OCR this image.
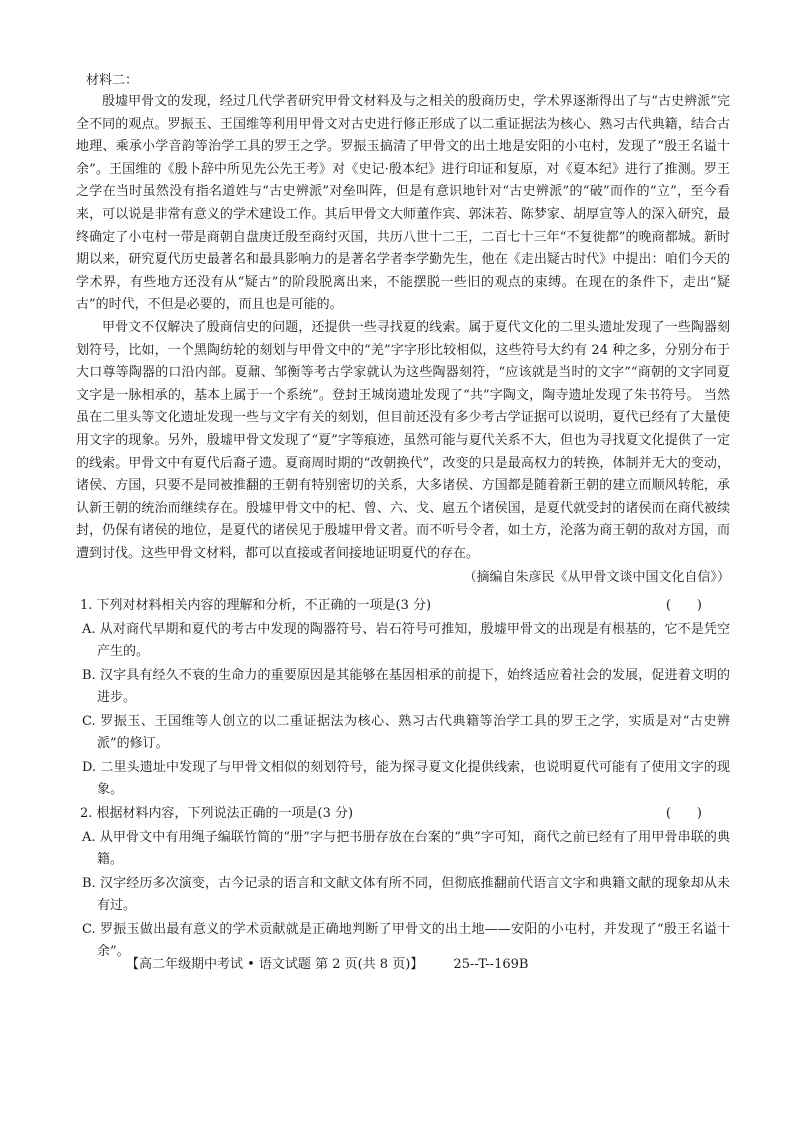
材料二：

殷墟甲骨文的发现，经过几代学者研究甲骨文材料及与之相关的殷商历史，学术界逐渐得出了与“古史辨派”完全不同的观点。罗振玉、王国维等利用甲骨文对古史进行修正形成了以二重证据法为核心、熟习古代典籍，结合古地理、乘承小学音韵等治学工具的罗王之学。罗振玉搞清了甲骨文的出土地是安阳的小屯村，发现了“殷王名谥十余”。王国维的《殷卜辞中所见先公先王考》对《史记·殷本纪》进行印证和复原，对《夏本纪》进行了推测。罗王之学在当时虽然没有指名道姓与“古史辨派”对垒叫阵，但是有意识地针对“古史辨派”的“破”而作的“立”，至今看来，可以说是非常有意义的学术建设工作。其后甲骨文大师董作宾、郭沫若、陈梦家、胡厚宣等人的深入研究，最终确定了小屯村一带是商朝自盘庚迁殷至商纣灭国，共历八世十二王，二百七十三年“不复徙都”的晚商都城。新时期以来，研究夏代历史最著名和最具影响力的是著名学者李学勤先生，他在《走出疑古时代》中提出：咱们今天的学术界，有些地方还没有从“疑古”的阶段脱离出来，不能摆脱一些旧的观点的束缚。在现在的条件下，走出“疑古”的时代，不但是必要的，而且也是可能的。

甲骨文不仅解决了殷商信史的问题，还提供一些寻找夏的线索。属于夏代文化的二里头遗址发现了一些陶器刻划符号，比如，一个黑陶纺轮的刻划与甲骨文中的“羌”字字形比较相似，这些符号大约有 24 种之多，分别分布于大口尊等陶器的口沿内部。夏鼐、邹衡等考古学家就认为这些陶器刻符，“应该就是当时的文字”“商朝的文字同夏文字是一脉相承的，基本上属于一个系统”。登封王城岗遗址发现了“共”字陶文，陶寺遗址发现了朱书符号。 当然虽在二里头等文化遗址发现一些与文字有关的刻划，但目前还没有多少考古学证据可以说明，夏代已经有了大量使用文字的现象。另外，殷墟甲骨文发现了“夏”字等痕迹，虽然可能与夏代关系不大，但也为寻找夏文化提供了一定的线索。甲骨文中有夏代后裔孑遗。夏商周时期的“改朝换代”，改变的只是最高权力的转换，体制并无大的变动，诸侯、方国，只要不是同被推翻的王朝有特别密切的关系，大多诸侯、方国都是随着新王朝的建立而顺风转舵，承认新王朝的统治而继续存在。殷墟甲骨文中的杞、曾、六、戈、扈五个诸侯国，是夏代就受封的诸侯而在商代被续封，仍保有诸侯的地位，是夏代的诸侯见于殷墟甲骨文者。而不听号令者，如土方，沦落为商王朝的敌对方国，而遭到讨伐。这些甲骨文材料，都可以直接或者间接地证明夏代的存在。

（摘编自朱彦民《从甲骨文谈中国文化自信》）

1. 下列对材料相关内容的理解和分析，不正确的一项是(3 分)	(　　)

A. 从对商代早期和夏代的考古中发现的陶器符号、岩石符号可推知，殷墟甲骨文的出现是有根基的，它不是凭空产生的。

B. 汉字具有经久不衰的生命力的重要原因是其能够在基因相承的前提下，始终适应着社会的发展，促进着文明的进步。

C. 罗振玉、王国维等人创立的以二重证据法为核心、熟习古代典籍等治学工具的罗王之学，实质是对“古史辨派”的修订。

D. 二里头遗址中发现了与甲骨文相似的刻划符号，能为探寻夏文化提供线索，也说明夏代可能有了使用文字的现象。

2. 根据材料内容，下列说法正确的一项是(3 分)	(　　)

A. 从甲骨文中有用绳子编联竹简的“册”字与把书册存放在台案的“典”字可知，商代之前已经有了用甲骨串联的典籍。

B. 汉字经历多次演变，古今记录的语言和文献文体有所不同，但彻底推翻前代语言文字和典籍文献的现象却从未有过。

C. 罗振玉做出最有意义的学术贡献就是正确地判断了甲骨文的出土地——安阳的小屯村，并发现了“殷王名谥十余”。

【高二年级期中考试 • 语文试题 第 2 页(共 8 页)】 25--T--169B
